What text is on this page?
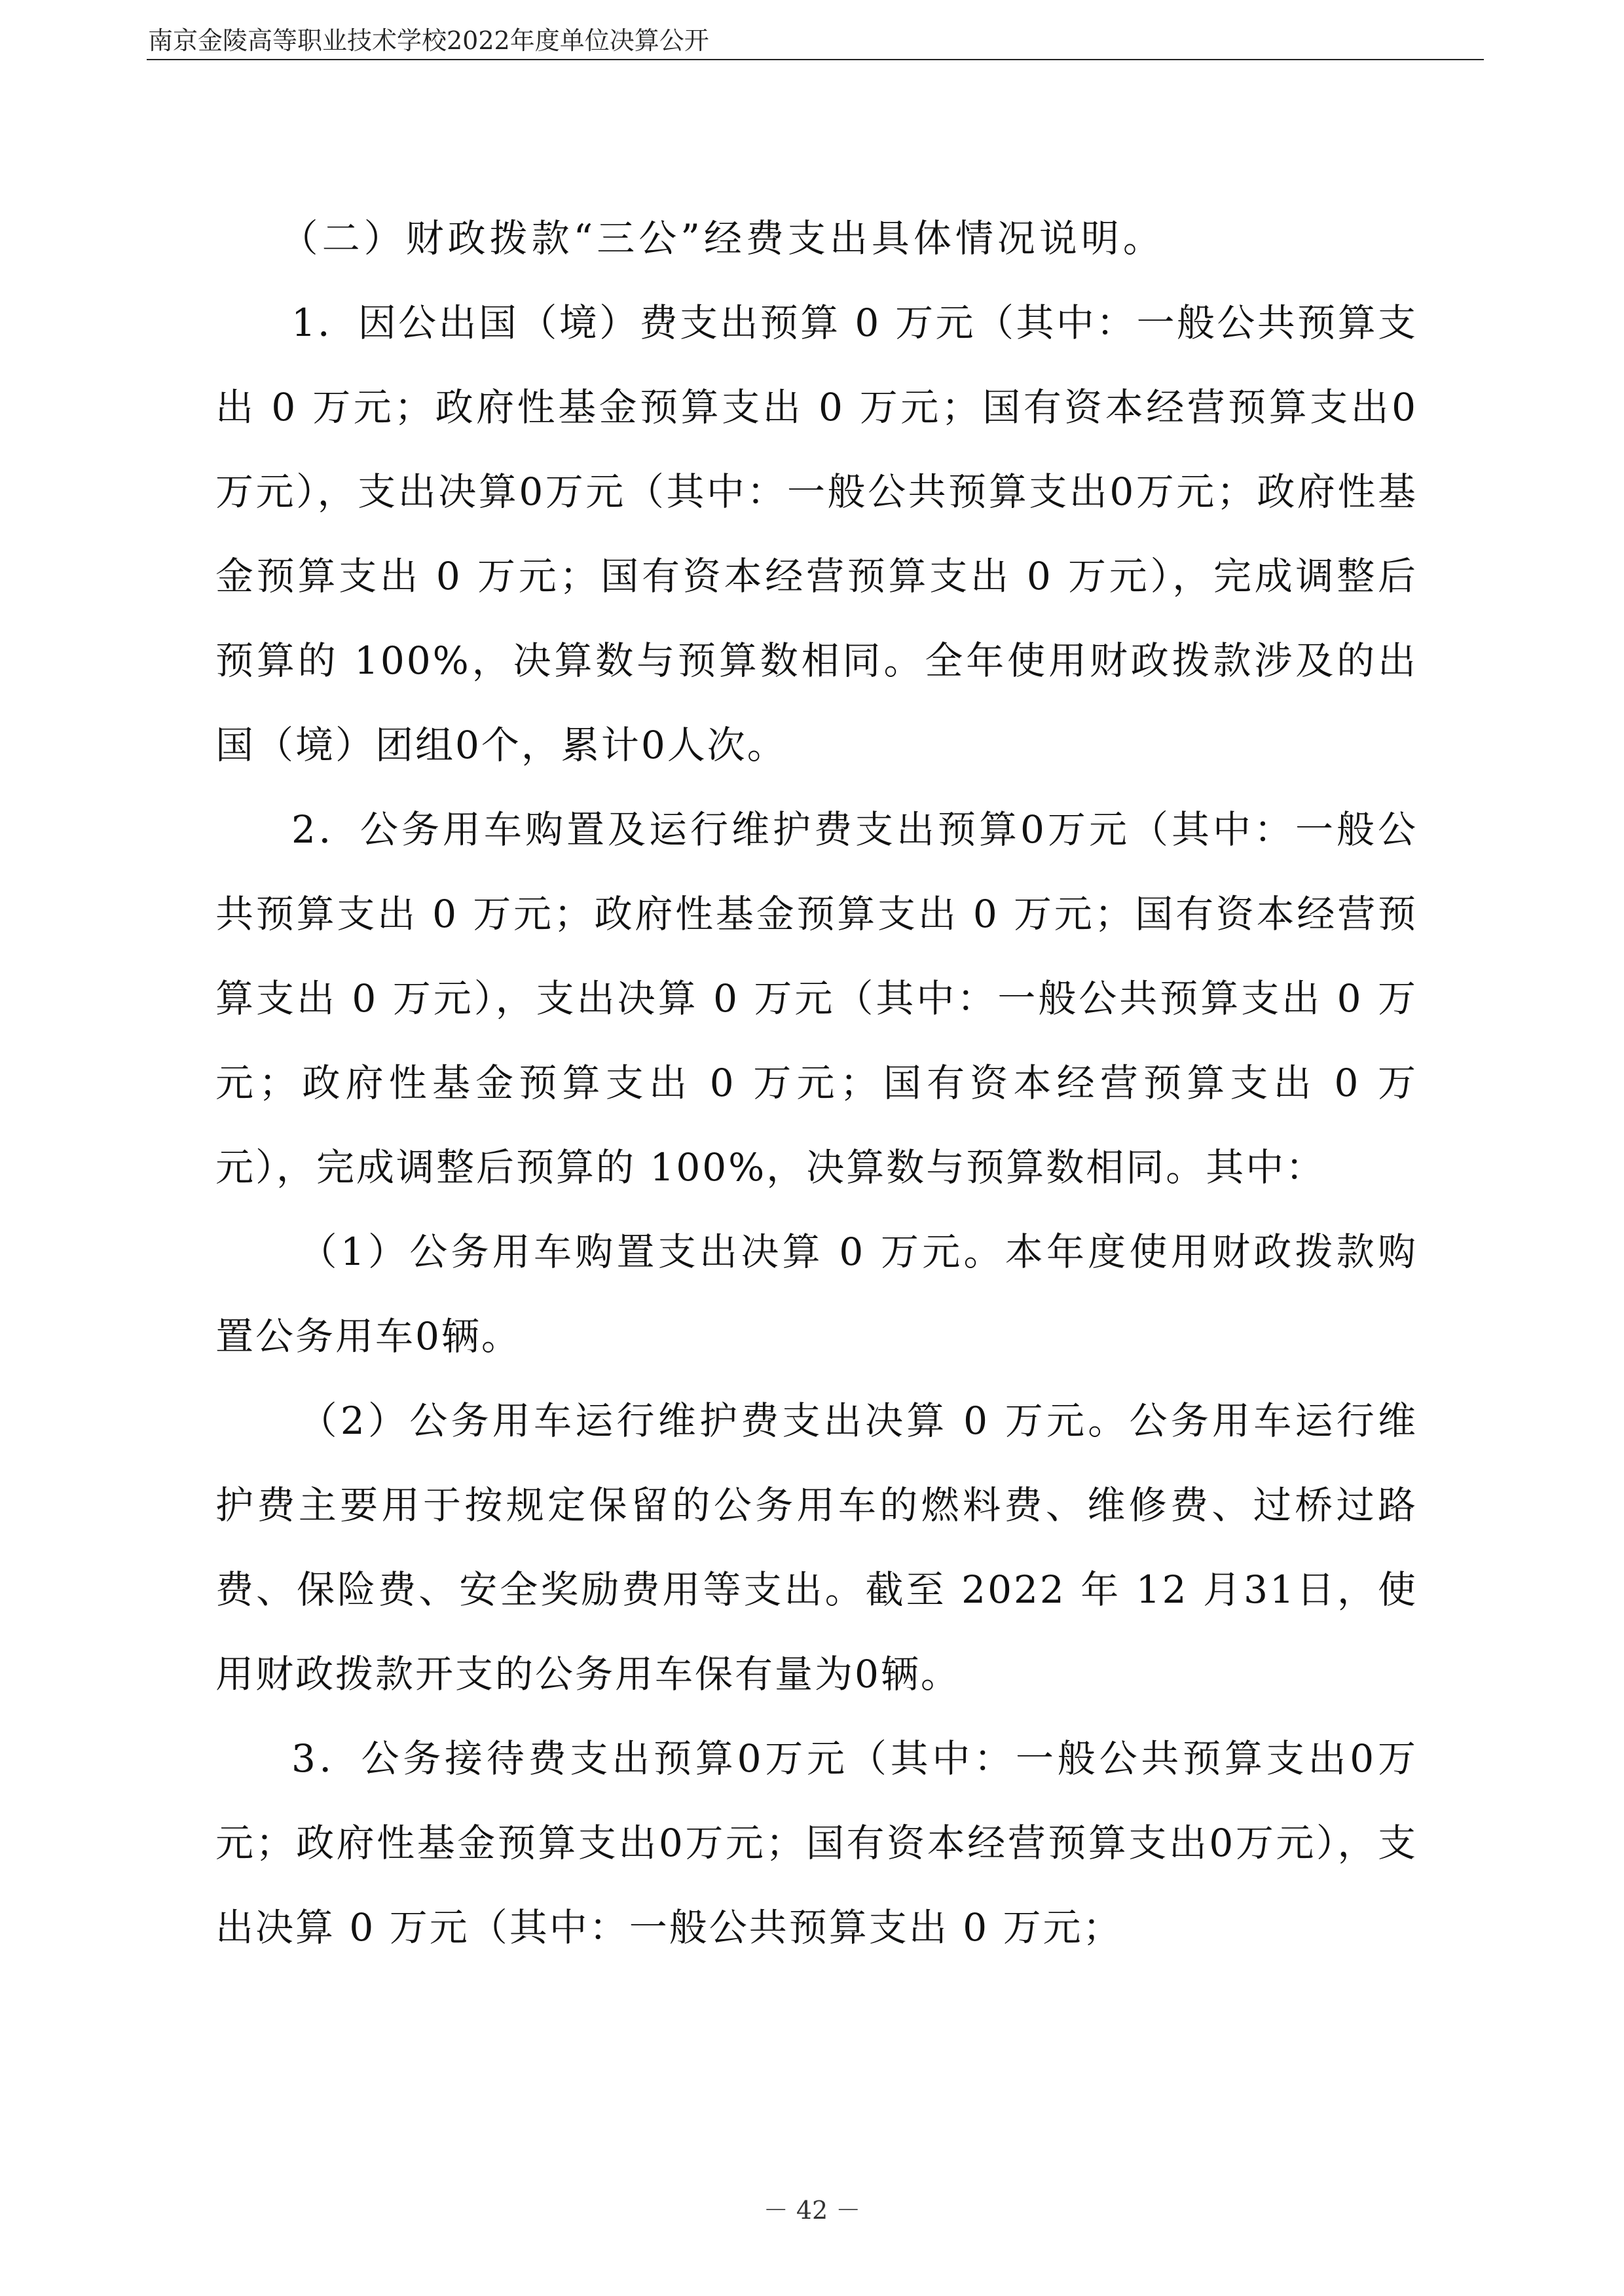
南京金陵高等职业技术学校2022年度单位决算公开

（二）财政拨款“三公”经费支出具体情况说明。

1．因公出国（境）费支出预算 0 万元（其中：一般公共预算支出 0 万元；政府性基金预算支出 0 万元；国有资本经营预算支出0万元），支出决算0万元（其中：一般公共预算支出0万元；政府性基金预算支出 0 万元；国有资本经营预算支出 0 万元），完成调整后预算的 100%，决算数与预算数相同。全年使用财政拨款涉及的出国（境）团组0个，累计0人次。

2．公务用车购置及运行维护费支出预算0万元（其中：一般公共预算支出 0 万元；政府性基金预算支出 0 万元；国有资本经营预算支出 0 万元），支出决算 0 万元（其中：一般公共预算支出 0 万元；政府性基金预算支出 0 万元；国有资本经营预算支出 0 万元），完成调整后预算的 100%，决算数与预算数相同。其中：

（1）公务用车购置支出决算 0 万元。本年度使用财政拨款购置公务用车0辆。

（2）公务用车运行维护费支出决算 0 万元。公务用车运行维护费主要用于按规定保留的公务用车的燃料费、维修费、过桥过路费、保险费、安全奖励费用等支出。截至 2022 年 12 月31日，使用财政拨款开支的公务用车保有量为0辆。

3．公务接待费支出预算0万元（其中：一般公共预算支出0万元；政府性基金预算支出0万元；国有资本经营预算支出0万元），支出决算 0 万元（其中：一般公共预算支出 0 万元；

－ 42 －
